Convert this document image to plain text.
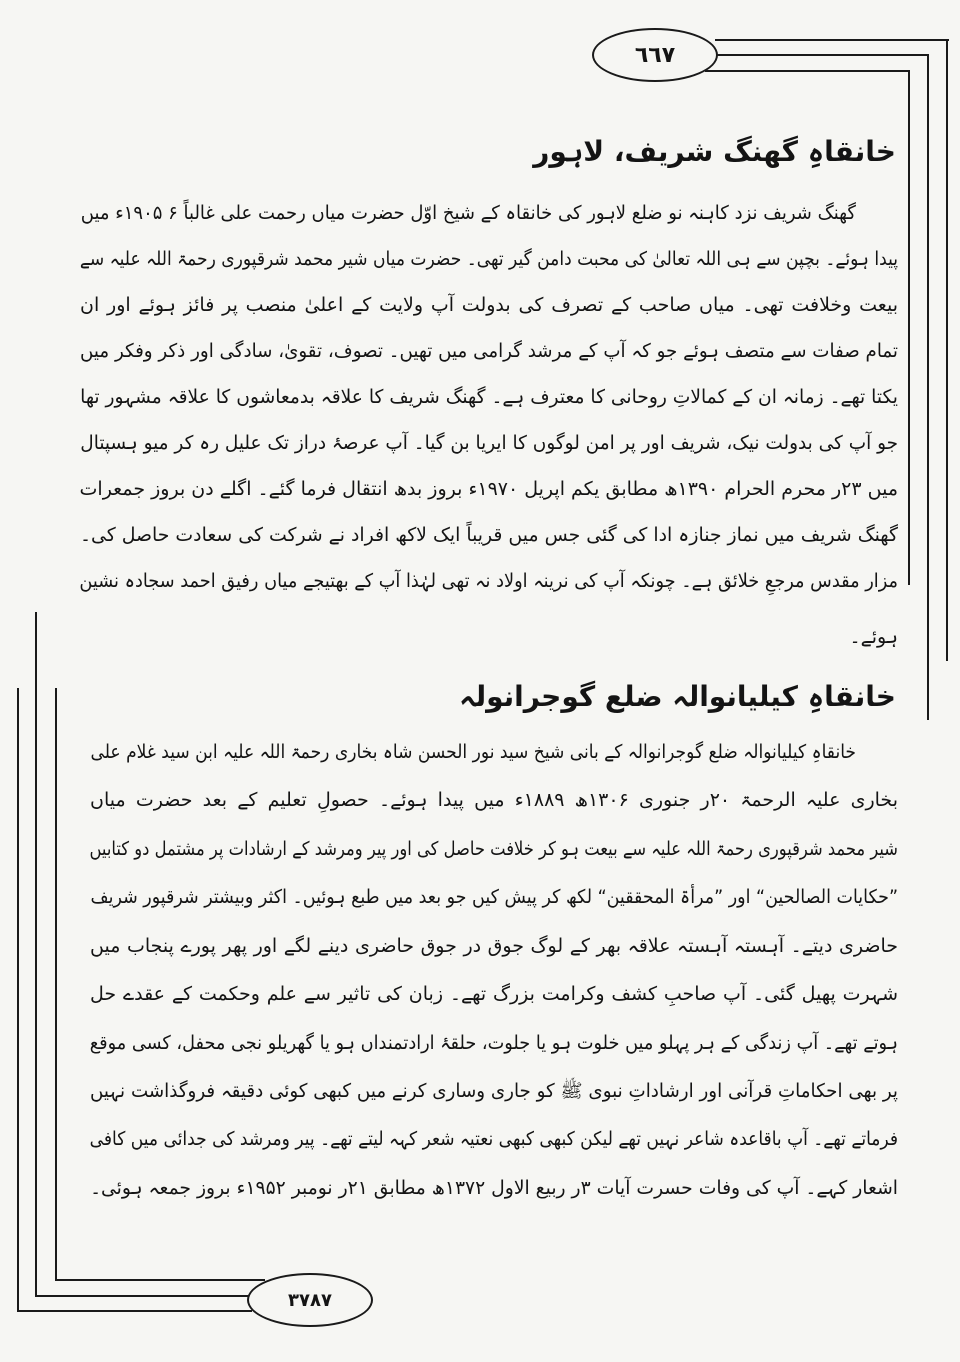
٦٦٧
۳۷۸۷
خانقاہِ گھنگ شریف، لاہور
گھنگ شریف نزد کاہنہ نو ضلع لاہور کی خانقاہ کے شیخ اوّل حضرت میاں رحمت علی غالباً ۶ ۱۹۰۵ء میں
پیدا ہوئے۔ بچپن سے ہی اللہ تعالیٰ کی محبت دامن گیر تھی۔ حضرت میاں شیر محمد شرقپوری رحمۃ اللہ علیہ سے
بیعت وخلافت تھی۔ میاں صاحب کے تصرف کی بدولت آپ ولایت کے اعلیٰ منصب پر فائز ہوئے اور ان
تمام صفات سے متصف ہوئے جو کہ آپ کے مرشد گرامی میں تھیں۔ تصوف، تقویٰ، سادگی اور ذکر وفکر میں
یکتا تھے۔ زمانہ ان کے کمالاتِ روحانی کا معترف ہے۔ گھنگ شریف کا علاقہ بدمعاشوں کا علاقہ مشہور تھا
جو آپ کی بدولت نیک، شریف اور پر امن لوگوں کا ایریا بن گیا۔ آپ عرصۂ دراز تک علیل رہ کر میو ہسپتال
میں ۲۳ر محرم الحرام ۱۳۹۰ھ مطابق یکم اپریل ۱۹۷۰ء بروز بدھ انتقال فرما گئے۔ اگلے دن بروز جمعرات
گھنگ شریف میں نماز جنازہ ادا کی گئی جس میں قریباً ایک لاکھ افراد نے شرکت کی سعادت حاصل کی۔
مزار مقدس مرجعِ خلائق ہے۔ چونکہ آپ کی نرینہ اولاد نہ تھی لہٰذا آپ کے بھتیجے میاں رفیق احمد سجادہ نشین
ہوئے۔
خانقاہِ کیلیانوالہ ضلع گوجرانولہ
خانقاہِ کیلیانوالہ ضلع گوجرانوالہ کے بانی شیخ سید نور الحسن شاہ بخاری رحمۃ اللہ علیہ ابن سید غلام علی
بخاری علیہ الرحمۃ ۲۰ر جنوری ۱۳۰۶ھ ۱۸۸۹ء میں پیدا ہوئے۔ حصولِ تعلیم کے بعد حضرت میاں
شیر محمد شرقپوری رحمۃ اللہ علیہ سے بیعت ہو کر خلافت حاصل کی اور پیر ومرشد کے ارشادات پر مشتمل دو کتابیں
”حکایات الصالحین“ اور ”مرأۃ المحققین“ لکھ کر پیش کیں جو بعد میں طبع ہوئیں۔ اکثر وبیشتر شرقپور شریف
حاضری دیتے۔ آہستہ آہستہ علاقہ بھر کے لوگ جوق در جوق حاضری دینے لگے اور پھر پورے پنجاب میں
شہرت پھیل گئی۔ آپ صاحبِ کشف وکرامت بزرگ تھے۔ زبان کی تاثیر سے علم وحکمت کے عقدے حل
ہوتے تھے۔ آپ زندگی کے ہر پہلو میں خلوت ہو یا جلوت، حلقۂ ارادتمنداں ہو یا گھریلو نجی محفل، کسی موقع
پر بھی احکاماتِ قرآنی اور ارشاداتِ نبوی ﷺ کو جاری وساری کرنے میں کبھی کوئی دقیقہ فروگذاشت نہیں
فرماتے تھے۔ آپ باقاعدہ شاعر نہیں تھے لیکن کبھی کبھی نعتیہ شعر کہہ لیتے تھے۔ پیر ومرشد کی جدائی میں کافی
اشعار کہے۔ آپ کی وفات حسرت آیات ۳ر ربیع الاول ۱۳۷۲ھ مطابق ۲۱ر نومبر ۱۹۵۲ء بروز جمعہ ہوئی۔
